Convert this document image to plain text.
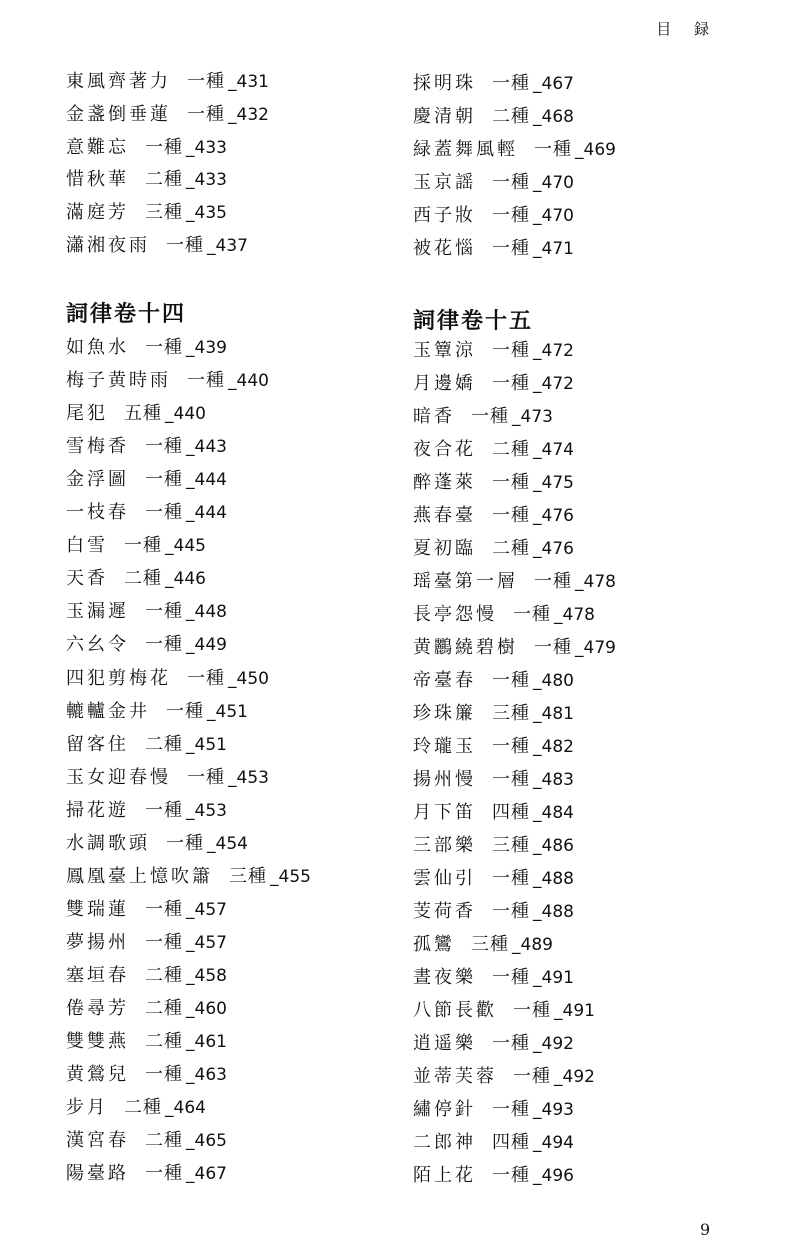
目 録
東風齊著力 一種 _431
金盞倒垂蓮 一種 _432
意難忘 一種 _433
惜秋華 二種 _433
滿庭芳 三種 _435
瀟湘夜雨 一種 _437
詞律卷十四
如魚水 一種 _439
梅子黄時雨 一種 _440
尾犯 五種 _440
雪梅香 一種 _443
金浮圖 一種 _444
一枝春 一種 _444
白雪 一種 _445
天香 二種 _446
玉漏遲 一種 _448
六幺令 一種 _449
四犯剪梅花 一種 _450
轆轤金井 一種 _451
留客住 二種 _451
玉女迎春慢 一種 _453
掃花遊 一種 _453
水調歌頭 一種 _454
鳳凰臺上憶吹簫 三種 _455
雙瑞蓮 一種 _457
夢揚州 一種 _457
塞垣春 二種 _458
倦尋芳 二種 _460
雙雙燕 二種 _461
黄鶯兒 一種 _463
步月 二種 _464
漢宮春 二種 _465
陽臺路 一種 _467
採明珠 一種 _467
慶清朝 二種 _468
緑蓋舞風輕 一種 _469
玉京謡 一種 _470
西子妝 一種 _470
被花惱 一種 _471
詞律卷十五
玉簟涼 一種 _472
月邊嬌 一種 _472
暗香 一種 _473
夜合花 二種 _474
醉蓬萊 一種 _475
燕春臺 一種 _476
夏初臨 二種 _476
瑶臺第一層 一種 _478
長亭怨慢 一種 _478
黄鸝繞碧樹 一種 _479
帝臺春 一種 _480
珍珠簾 三種 _481
玲瓏玉 一種 _482
揚州慢 一種 _483
月下笛 四種 _484
三部樂 三種 _486
雲仙引 一種 _488
芰荷香 一種 _488
孤鸞 三種 _489
晝夜樂 一種 _491
八節長歡 一種 _491
逍遥樂 一種 _492
並蒂芙蓉 一種 _492
繡停針 一種 _493
二郎神 四種 _494
陌上花 一種 _496
9
